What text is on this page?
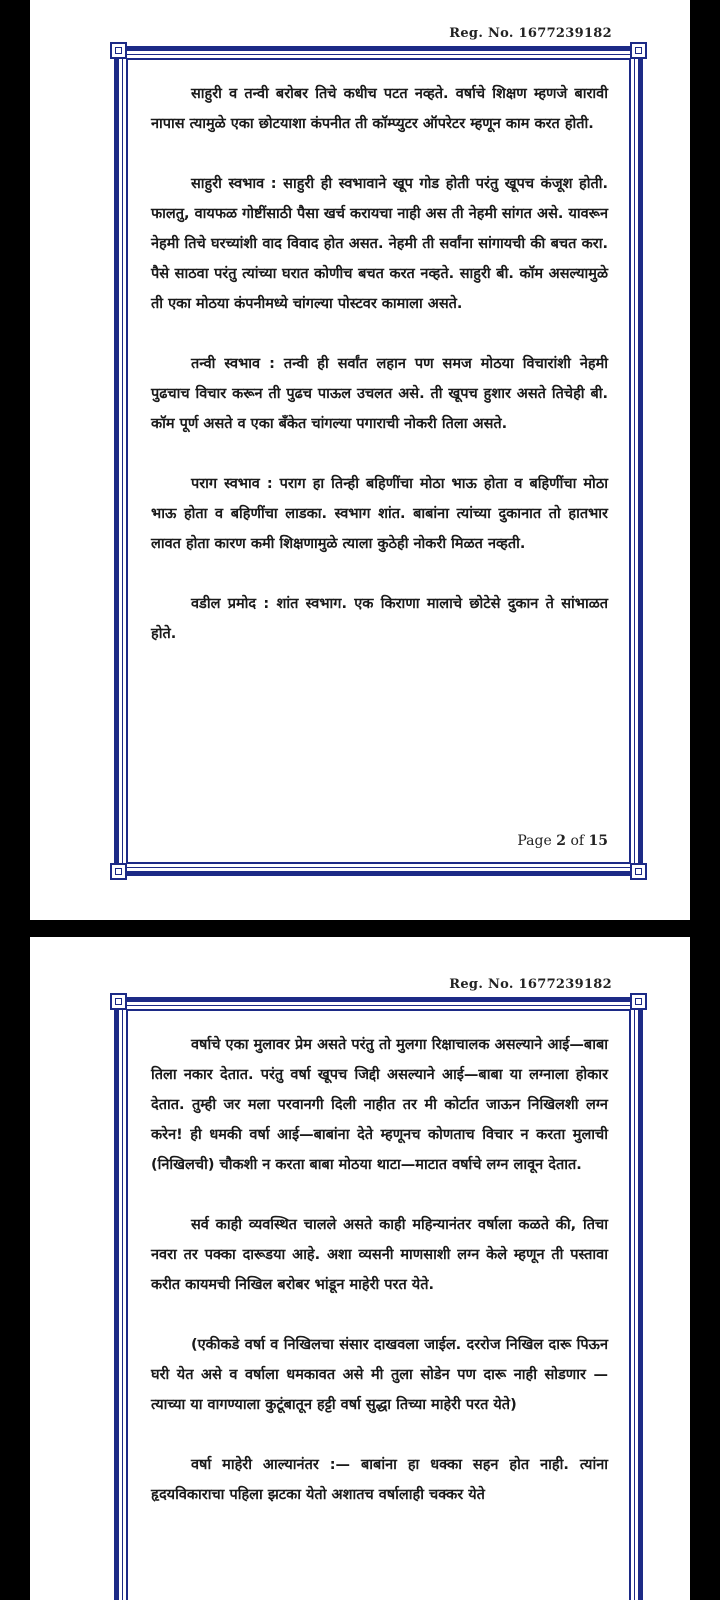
Reg. No. 1677239182

साहुरी व तन्वी बरोबर तिचे कधीच पटत नव्हते. वर्षाचे शिक्षण म्हणजे बारावी नापास त्यामुळे एका छोटयाशा कंपनीत ती कॉम्प्युटर ऑपरेटर म्हणून काम करत होती.

साहुरी स्वभाव : साहुरी ही स्वभावाने खूप गोड होती परंतु खूपच कंजूश होती. फालतु, वायफळ गोष्टींसाठी पैसा खर्च करायचा नाही अस ती नेहमी सांगत असे. यावरून नेहमी तिचे घरच्यांशी वाद विवाद होत असत. नेहमी ती सर्वांना सांगायची की बचत करा. पैसे साठवा परंतु त्यांच्या घरात कोणीच बचत करत नव्हते. साहुरी बी. कॉम असल्यामुळे ती एका मोठया कंपनीमध्ये चांगल्या पोस्टवर कामाला असते.

तन्वी स्वभाव : तन्वी ही सर्वांत लहान पण समज मोठया विचारांशी नेहमी पुढचाच विचार करून ती पुढच पाऊल उचलत असे. ती खूपच हुशार असते तिचेही बी. कॉम पूर्ण असते व एका बँकेत चांगल्या पगाराची नोकरी तिला असते.

पराग स्वभाव : पराग हा तिन्ही बहिणींचा मोठा भाऊ होता व बहिणींचा मोठा भाऊ होता व बहिणींचा लाडका. स्वभाग शांत. बाबांना त्यांच्या दुकानात तो हातभार लावत होता कारण कमी शिक्षणामुळे त्याला कुठेही नोकरी मिळत नव्हती.

वडील प्रमोद : शांत स्वभाग. एक किराणा मालाचे छोटेसे दुकान ते सांभाळत होते.

Page 2 of 15
Reg. No. 1677239182

वर्षाचे एका मुलावर प्रेम असते परंतु तो मुलगा रिक्षाचालक असल्याने आई—बाबा तिला नकार देतात. परंतु वर्षा खूपच जिद्दी असल्याने आई—बाबा या लग्नाला होकार देतात. तुम्ही जर मला परवानगी दिली नाहीत तर मी कोर्टात जाऊन निखिलशी लग्न करेन! ही धमकी वर्षा आई—बाबांना देते म्हणूनच कोणताच विचार न करता मुलाची (निखिलची) चौकशी न करता बाबा मोठया थाटा—माटात वर्षाचे लग्न लावून देतात.

सर्व काही व्यवस्थित चालले असते काही महिन्यानंतर वर्षाला कळते की, तिचा नवरा तर पक्का दारूडया आहे. अशा व्यसनी माणसाशी लग्न केले म्हणून ती पस्तावा करीत कायमची निखिल बरोबर भांडून माहेरी परत येते.

(एकीकडे वर्षा व निखिलचा संसार दाखवला जाईल. दररोज निखिल दारू पिऊन घरी येत असे व वर्षाला धमकावत असे मी तुला सोडेन पण दारू नाही सोडणार — त्याच्या या वागण्याला कुटूंबातून हट्टी वर्षा सुद्धा तिच्या माहेरी परत येते)

वर्षा माहेरी आल्यानंतर :— बाबांना हा धक्का सहन होत नाही. त्यांना हृदयविकाराचा पहिला झटका येतो अशातच वर्षालाही चक्कर येते
